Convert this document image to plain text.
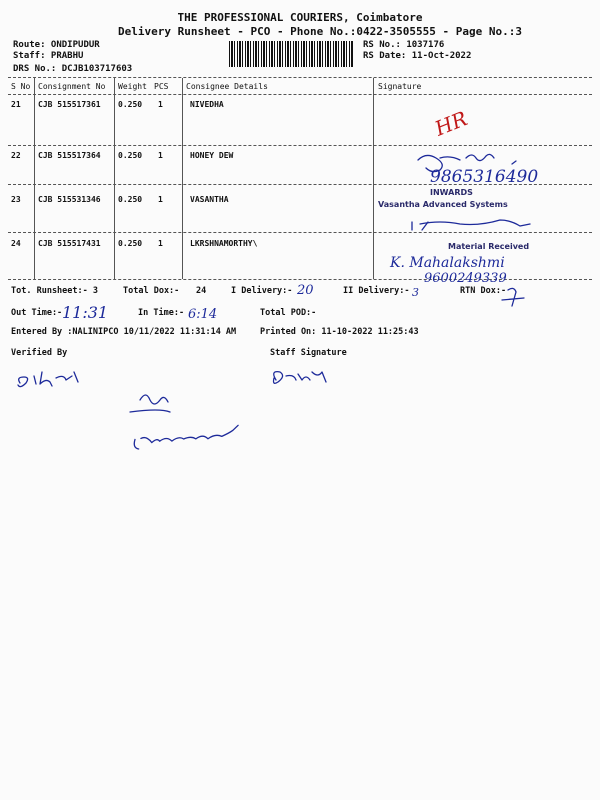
THE PROFESSIONAL COURIERS, Coimbatore
Delivery Runsheet - PCO - Phone No.:0422-3505555 - Page No.:3
Route: ONDIPUDUR
Staff: PRABHU
DRS No.: DCJB103717603
RS No.: 1037176
RS Date: 11-Oct-2022
S No Consignment No Weight PCS Consignee Details	Signature
21 CJB 515517361 0.250 1	NIVEDHA
22 CJB 515517364 0.250 1	HONEY DEW
23 CJB 515531346 0.250 1	VASANTHA
24 CJB 515517431 0.250 1	LKRSHNAMORTHY\
HR
9865316490
K. Mahalakshmi
9600249339
20	3
11:31	6:14
INWARDS
Vasantha Advanced Systems
Material Received
Tot. Runsheet:- 3	Total Dox:- 24	I Delivery:-	II Delivery:-	RTN Dox:-
Out Time:-	In Time:-	Total POD:-
Entered By :NALINIPCO 10/11/2022 11:31:14 AM	Printed On: 11-10-2022 11:25:43
Verified By	Staff Signature
